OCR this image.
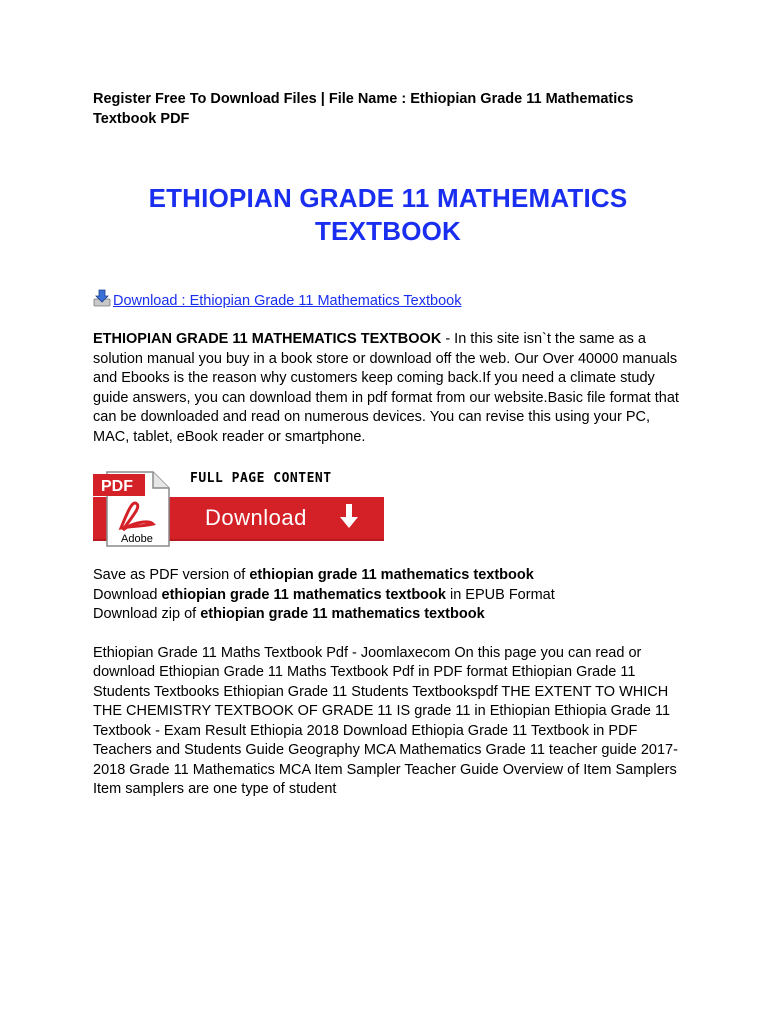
Register Free To Download Files | File Name : Ethiopian Grade 11 Mathematics
Textbook PDF

ETHIOPIAN GRADE 11 MATHEMATICS
TEXTBOOK
Download : Ethiopian Grade 11 Mathematics Textbook
ETHIOPIAN GRADE 11 MATHEMATICS TEXTBOOK - In this site isn`t the same as a solution manual you buy in a book store or download off the web. Our Over 40000 manuals and Ebooks is the reason why customers keep coming back.If you need a climate study guide answers, you can download them in pdf format from our website.Basic file format that can be downloaded and read on numerous devices. You can revise this using your PC, MAC, tablet, eBook reader or smartphone.
FULL PAGE CONTENT
Download
PDF
Adobe
Save as PDF version of ethiopian grade 11 mathematics textbook
Download ethiopian grade 11 mathematics textbook in EPUB Format
Download zip of ethiopian grade 11 mathematics textbook
Ethiopian Grade 11 Maths Textbook Pdf - Joomlaxecom On this page you can read or download Ethiopian Grade 11 Maths Textbook Pdf in PDF format Ethiopian Grade 11 Students Textbooks Ethiopian Grade 11 Students Textbookspdf THE EXTENT TO WHICH THE CHEMISTRY TEXTBOOK OF GRADE 11 IS grade 11 in Ethiopian Ethiopia Grade 11 Textbook - Exam Result Ethiopia 2018 Download Ethiopia Grade 11 Textbook in PDF Teachers and Students Guide Geography MCA Mathematics Grade 11 teacher guide 2017-2018 Grade 11 Mathematics MCA Item Sampler Teacher Guide Overview of Item Samplers Item samplers are one type of student
